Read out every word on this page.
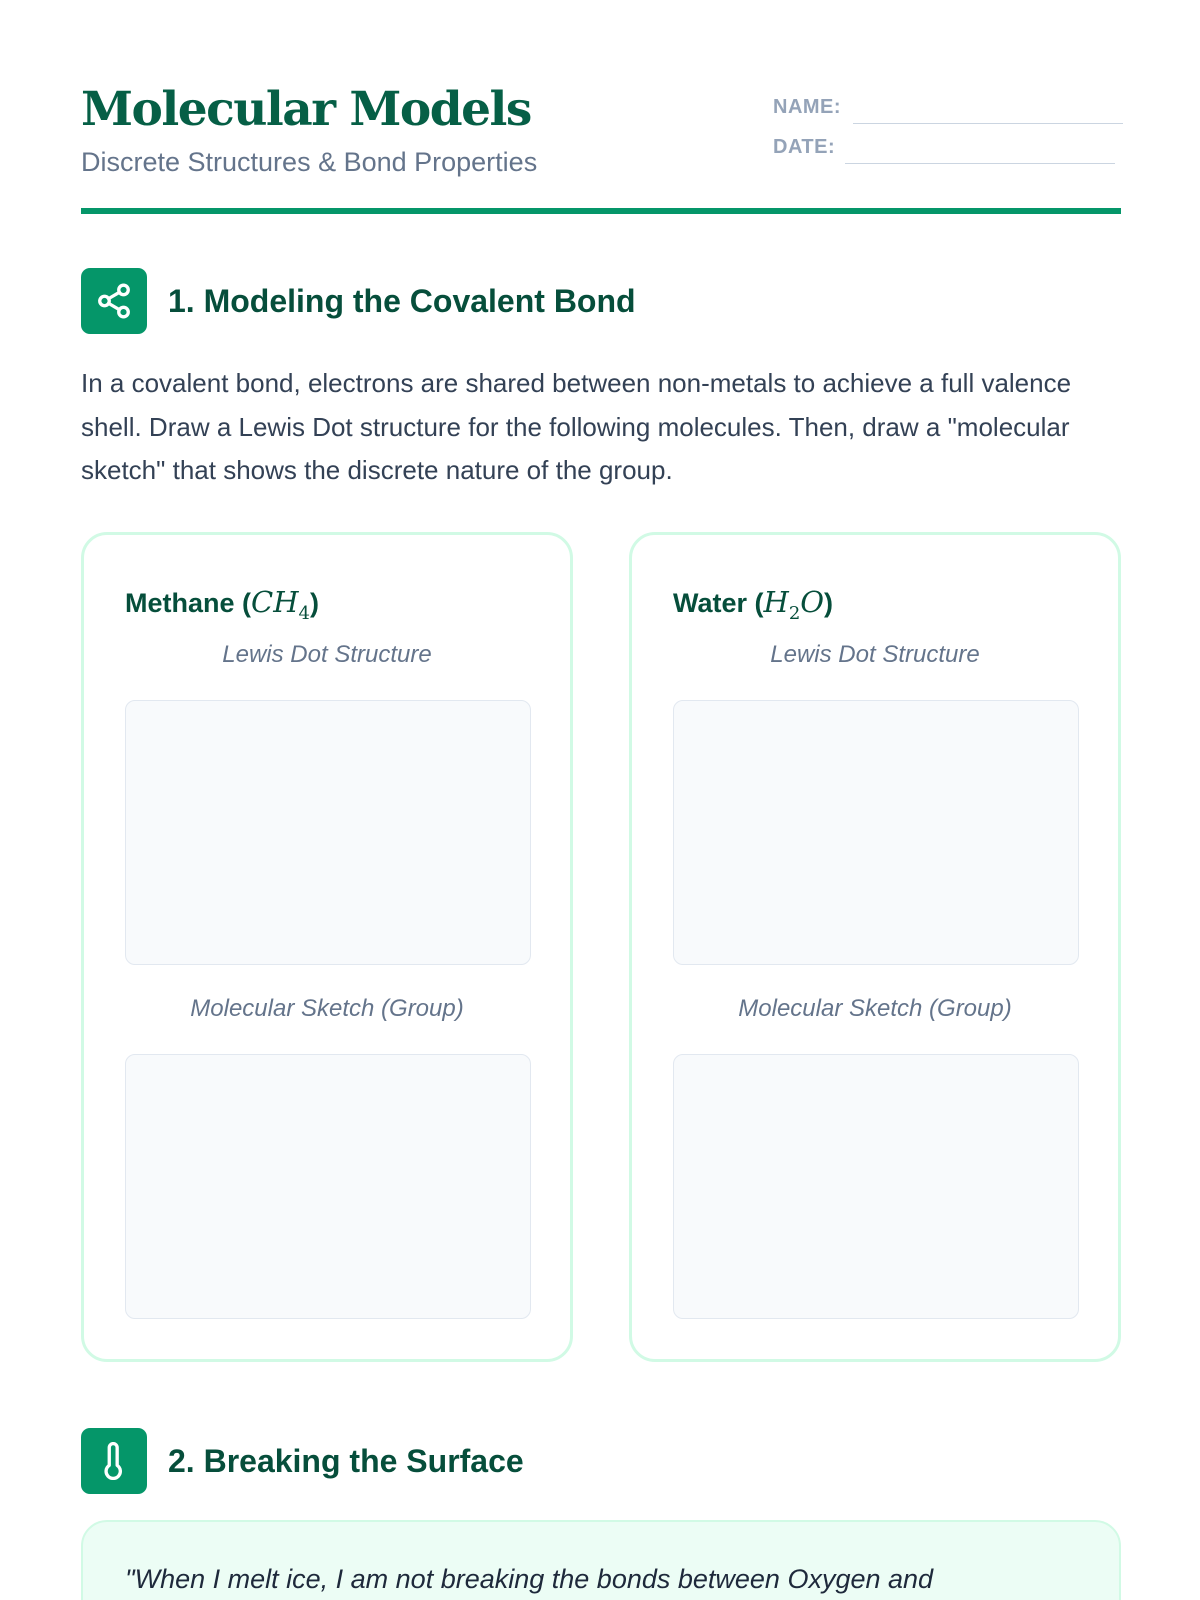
Molecular Models
Discrete Structures & Bond Properties
NAME:
DATE:
1. Modeling the Covalent Bond

In a covalent bond, electrons are shared between non-metals to achieve a full valence shell. Draw a Lewis Dot structure for the following molecules. Then, draw a "molecular sketch" that shows the discrete nature of the group.

Methane $(CH_4)$
Lewis Dot Structure
Molecular Sketch (Group)
Water $(H_2O)$
Lewis Dot Structure
Molecular Sketch (Group)
2. Breaking the Surface
"When I melt ice, I am not breaking the bonds between Oxygen and
